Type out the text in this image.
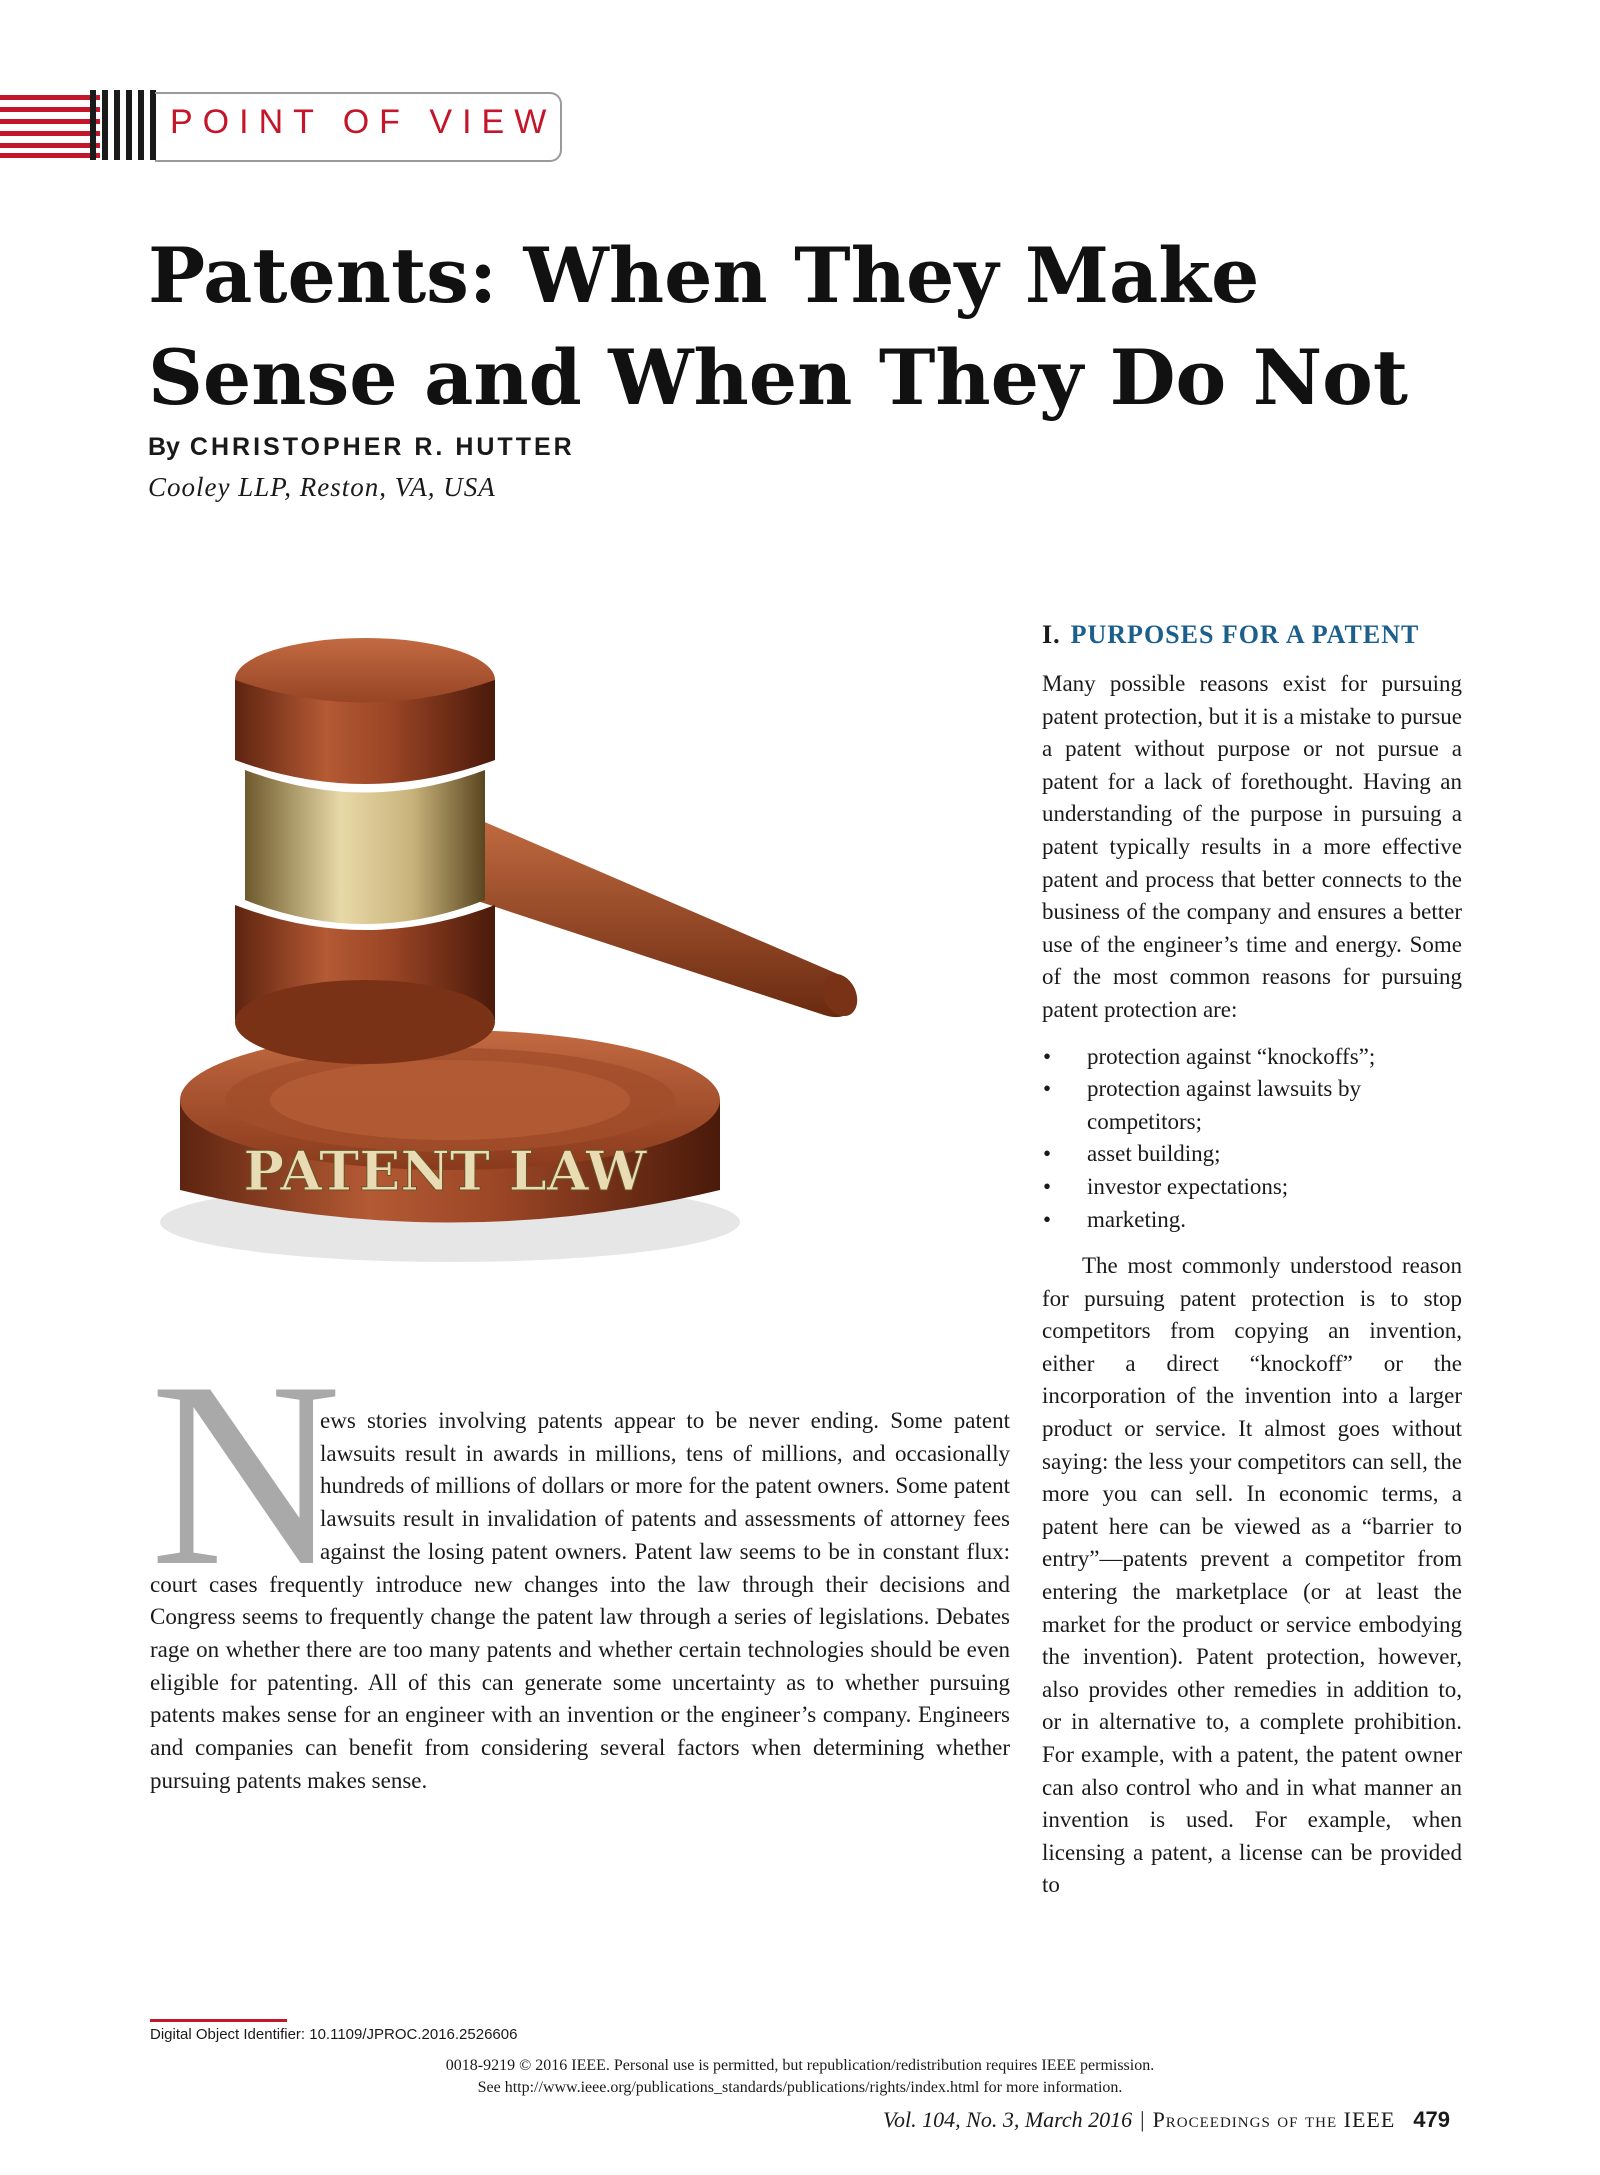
POINT OF VIEW
Patents: When They Make
Sense and When They Do Not
By CHRISTOPHER R. HUTTER
Cooley LLP, Reston, VA, USA
PATENT LAW
I. PURPOSES FOR A PATENT

Many possible reasons exist for pursuing patent protection, but it is a mistake to pursue a patent without purpose or not pursue a patent for a lack of forethought. Having an understanding of the purpose in pursuing a patent typically results in a more effective patent and process that better connects to the business of the company and ensures a better use of the engineer’s time and energy. Some of the most common reasons for pursuing patent protection are:

• protection against “knockoffs”;
• protection against lawsuits by competitors;
• asset building;
• investor expectations;
• marketing.

The most commonly understood reason for pursuing patent protection is to stop competitors from copying an invention, either a direct “knockoff” or the incorporation of the invention into a larger product or service. It almost goes without saying: the less your competitors can sell, the more you can sell. In economic terms, a patent here can be viewed as a “barrier to entry”—patents prevent a competitor from entering the marketplace (or at least the market for the product or service embodying the invention). Patent protection, however, also provides other remedies in addition to, or in alternative to, a complete prohibition. For example, with a patent, the patent owner can also control who and in what manner an invention is used. For example, when licensing a patent, a license can be provided to

N
ews stories involving patents appear to be never ending. Some patent lawsuits result in awards in millions, tens of millions, and occasionally hundreds of millions of dollars or more for the patent owners. Some patent lawsuits result in invalidation of patents and assessments of attorney fees against the losing patent owners. Patent law seems to be in constant flux: court cases frequently introduce new changes into the law through their decisions and Congress seems to frequently change the patent law through a series of legislations. Debates rage on whether there are too many patents and whether certain technologies should be even eligible for patenting. All of this can generate some uncertainty as to whether pursuing patents makes sense for an engineer with an invention or the engineer’s company. Engineers and companies can benefit from considering several factors when determining whether pursuing patents makes sense.
Digital Object Identifier: 10.1109/JPROC.2016.2526606
0018-9219 © 2016 IEEE. Personal use is permitted, but republication/redistribution requires IEEE permission.
See http://www.ieee.org/publications_standards/publications/rights/index.html for more information.
Vol. 104, No. 3, March 2016 | Proceedings of the IEEE 479
